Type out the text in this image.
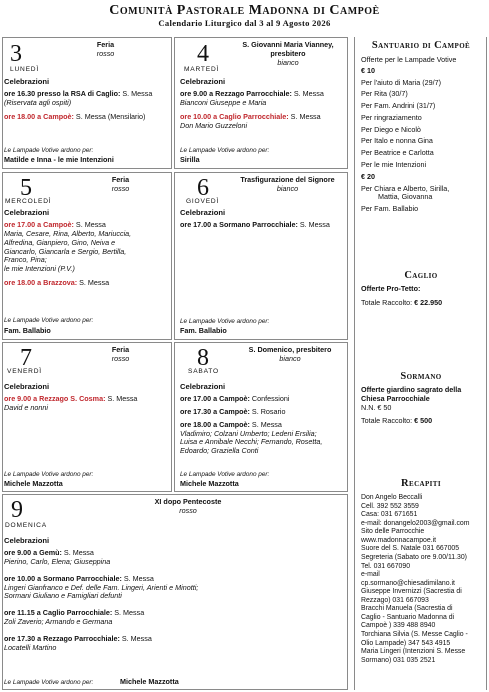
Comunità Pastorale Madonna di Campoè
Calendario Liturgico dal 3 al 9 Agosto 2026
3
LUNEDÌ
Feria
rosso
Celebrazioni
ore 16.30 presso la RSA di Caglio: S. Messa
(Riservata agli ospiti)
ore 18.00 a Campoè: S. Messa (Mensilario)
Le Lampade Votive ardono per:
Matilde e Inna - le mie Intenzioni
4
MARTEDÌ
S. Giovanni Maria Vianney, presbitero
bianco
Celebrazioni
ore 9.00 a Rezzago Parrocchiale: S. Messa
Bianconi Giuseppe e Maria
ore 10.00 a Caglio Parrocchiale: S. Messa
Don Mario Guzzeloni
Le Lampade Votive ardono per:
Sirilla
5
MERCOLEDÌ
Feria
rosso
Celebrazioni
ore 17.00 a Campoè: S. Messa
Maria, Cesare, Rina, Alberto, Mariuccia,
Alfredina, Gianpiero, Gino, Neiva e
Giancarlo, Giancarla e Sergio, Bertilla,
Franco, Pina;
le mie Intenzioni (P.V.)
ore 18.00 a Brazzova: S. Messa
Le Lampade Votive ardono per:
Fam. Ballabio
6
GIOVEDÌ
Trasfigurazione del Signore
bianco
Celebrazioni
ore 17.00 a Sormano Parrocchiale: S. Messa
Le Lampade Votive ardono per:
Fam. Ballabio
7
VENERDÌ
Feria
rosso
Celebrazioni
ore 9.00 a Rezzago S. Cosma: S. Messa
David e nonni
Le Lampade Votive ardono per:
Michele Mazzotta
8
SABATO
S. Domenico, presbitero
bianco
Celebrazioni
ore 17.00 a Campoè: Confessioni
ore 17.30 a Campoè: S. Rosario
ore 18.00 a Campoè: S. Messa
Vladimiro; Colzani Umberto; Ledeni Ersilia;
Luisa e Annibale Necchi; Fernando, Rosetta,
Edoardo; Graziella Conti
Le Lampade Votive ardono per:
Michele Mazzotta
9
DOMENICA
XI dopo Pentecoste
rosso
Celebrazioni
ore 9.00 a Gemù: S. Messa
Pierino, Carlo, Elena; Giuseppina
ore 10.00 a Sormano Parrocchiale: S. Messa
Lingeri Gianfranco e Def. delle Fam. Lingeri, Arienti e Minotti;
Sormani Giuliano e Famigliari defunti
ore 11.15 a Caglio Parrocchiale: S. Messa
Zoli Zaverio; Armando e Germana
ore 17.30 a Rezzago Parrocchiale: S. Messa
Locatelli Martino
Le Lampade Votive ardono per:	Michele Mazzotta
Santuario di Campoè
Offerte per le Lampade Votive
€ 10
Per l'aiuto di Maria (29/7)
Per Rita (30/7)
Per Fam. Andrini (31/7)
Per ringraziamento
Per Diego e Nicolò
Per Italo e nonna Gina
Per Beatrice e Carlotta
Per le mie Intenzioni
€ 20
Per Chiara e Alberto, Sirilla,
Mattia, Giovanna
Per Fam. Ballabio
Caglio
Offerte Pro-Tetto:
Totale Raccolto: € 22.950
Sormano
Offerte giardino sagrato della
Chiesa Parrocchiale
N.N. € 50
Totale Raccolto: € 500
Recapiti
Don Angelo Beccalli
Cell. 392 552 3559
Casa: 031 671651
e-mail: donangelo2003@gmail.com
Sito delle Parrocchie
www.madonnacampoe.it
Suore del S. Natale 031 667005
Segreteria (Sabato ore 9.00/11.30)
Tel. 031 667090
e-mail
cp.sormano@chiesadimilano.it
Giuseppe Invernizzi (Sacrestia di
Rezzago) 031 667093
Bracchi Manuela (Sacrestia di
Caglio - Santuario Madonna di
Campoè ) 339 488 8940
Torchiana Silvia (S. Messe Caglio -
Olio Lampade) 347 543 4915
Maria Lingeri (Intenzioni S. Messe
Sormano) 031 035 2521
